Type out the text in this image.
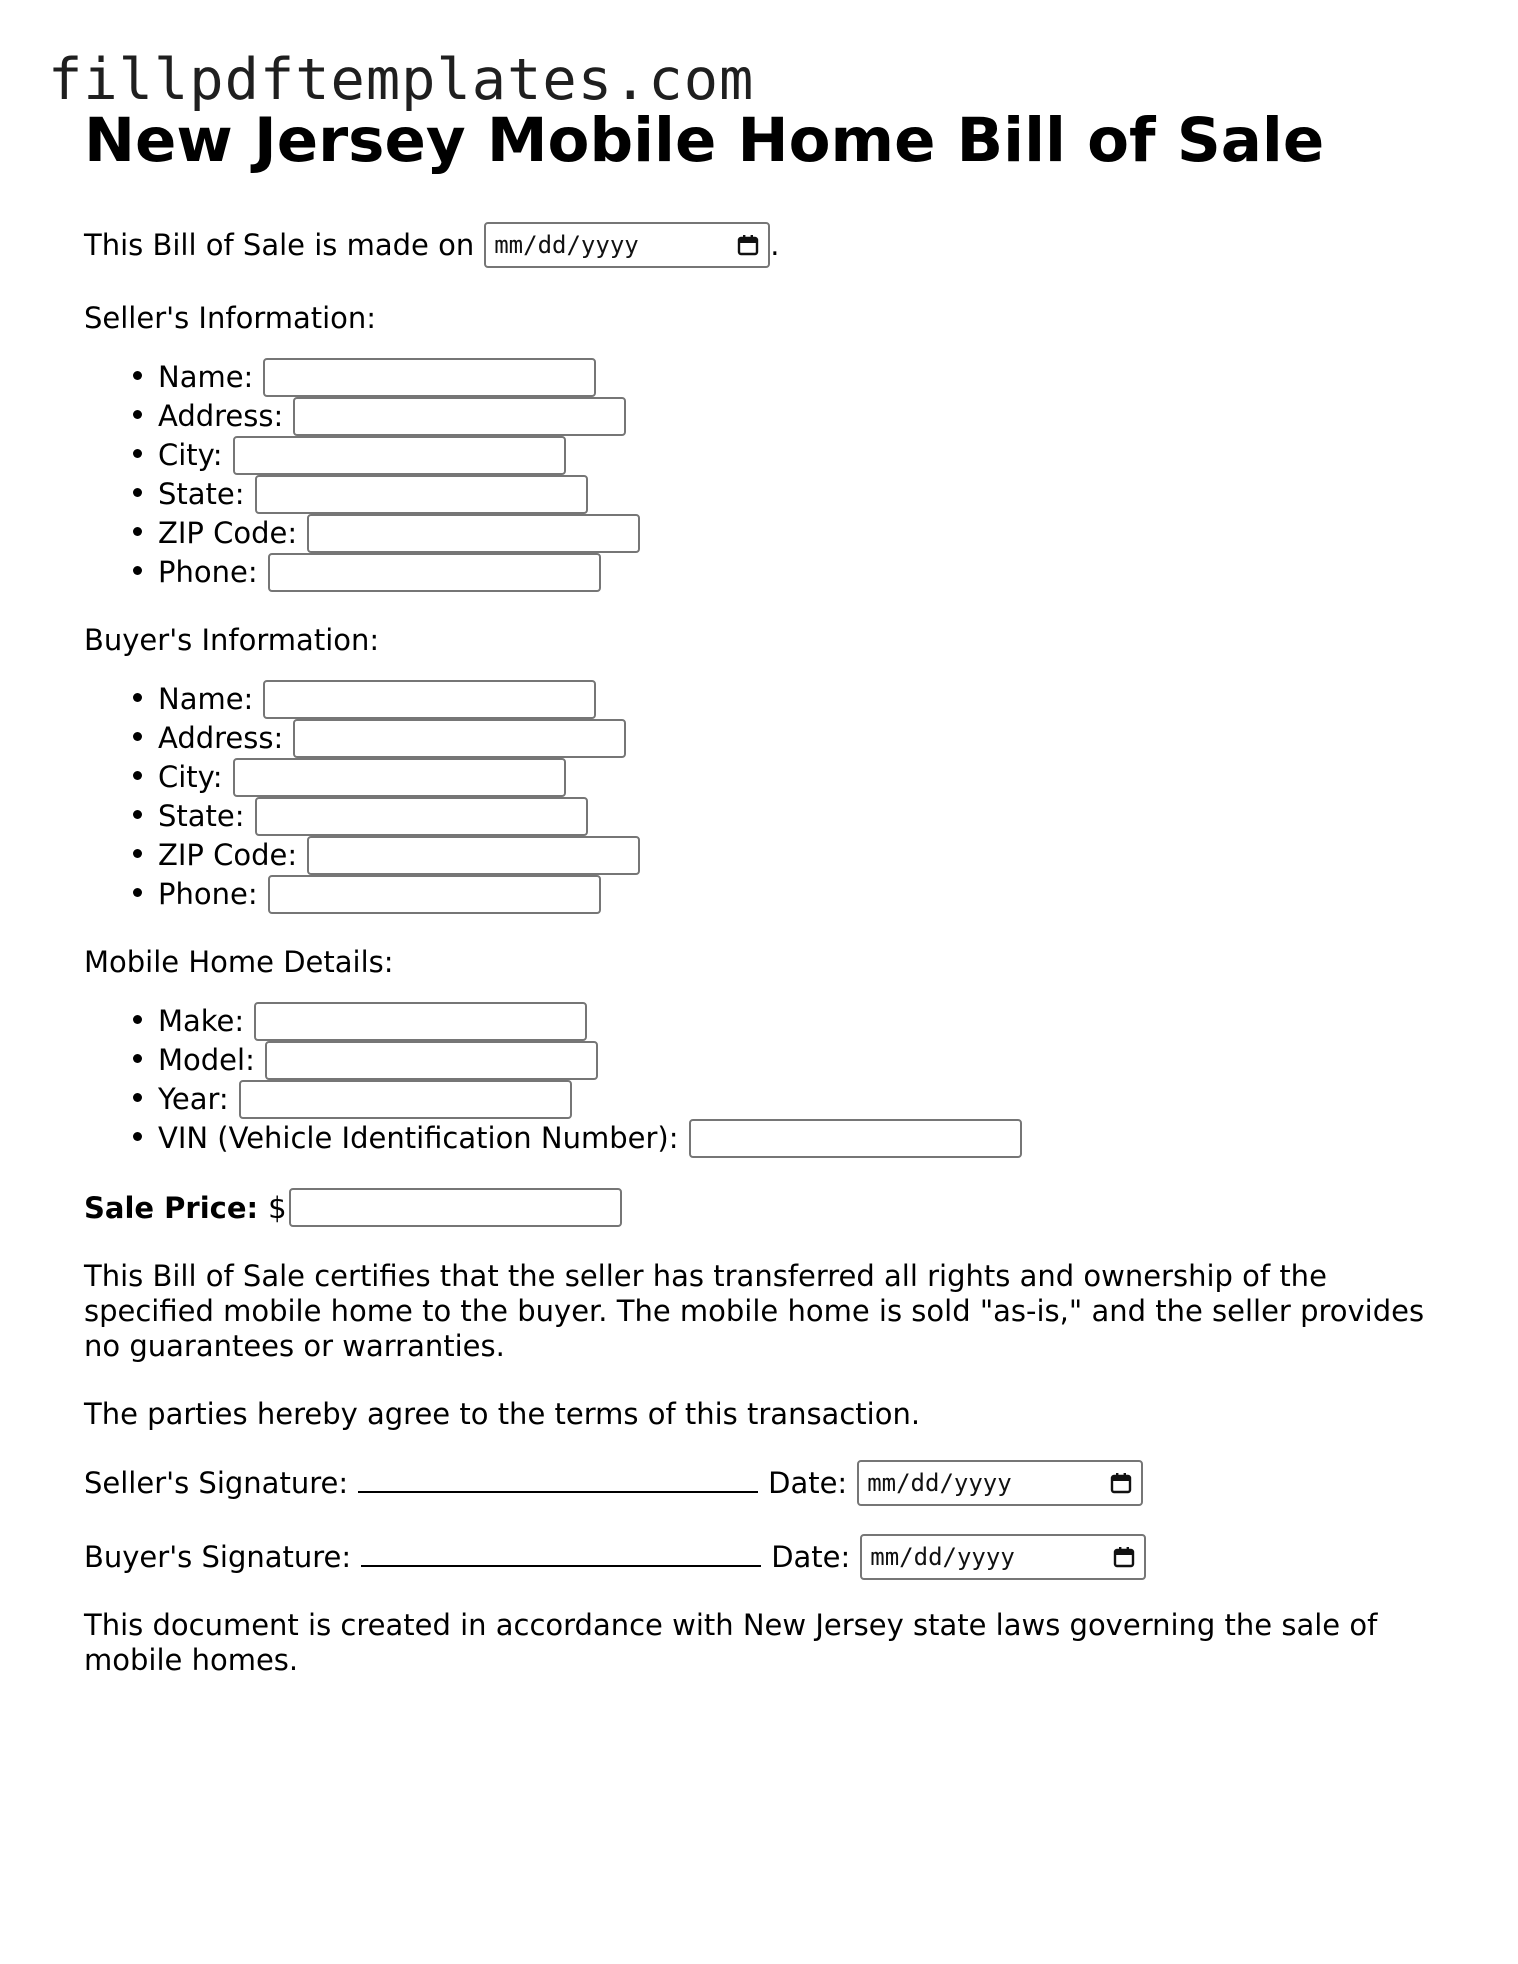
fillpdftemplates.com
New Jersey Mobile Home Bill of Sale

This Bill of Sale is made on mm/dd/yyyy	.

Seller's Information:

• Name:
• Address:
• City:
• State:
• ZIP Code:
• Phone:

Buyer's Information:

• Name:
• Address:
• City:
• State:
• ZIP Code:
• Phone:

Mobile Home Details:

• Make:
• Model:
• Year:
• VIN (Vehicle Identification Number):

Sale Price: $

This Bill of Sale certifies that the seller has transferred all rights and ownership of the specified mobile home to the buyer. The mobile home is sold "as-is," and the seller provides no guarantees or warranties.

The parties hereby agree to the terms of this transaction.

Seller's Signature:	Date: mm/dd/yyyy
Buyer's Signature:	Date: mm/dd/yyyy

This document is created in accordance with New Jersey state laws governing the sale of mobile homes.
